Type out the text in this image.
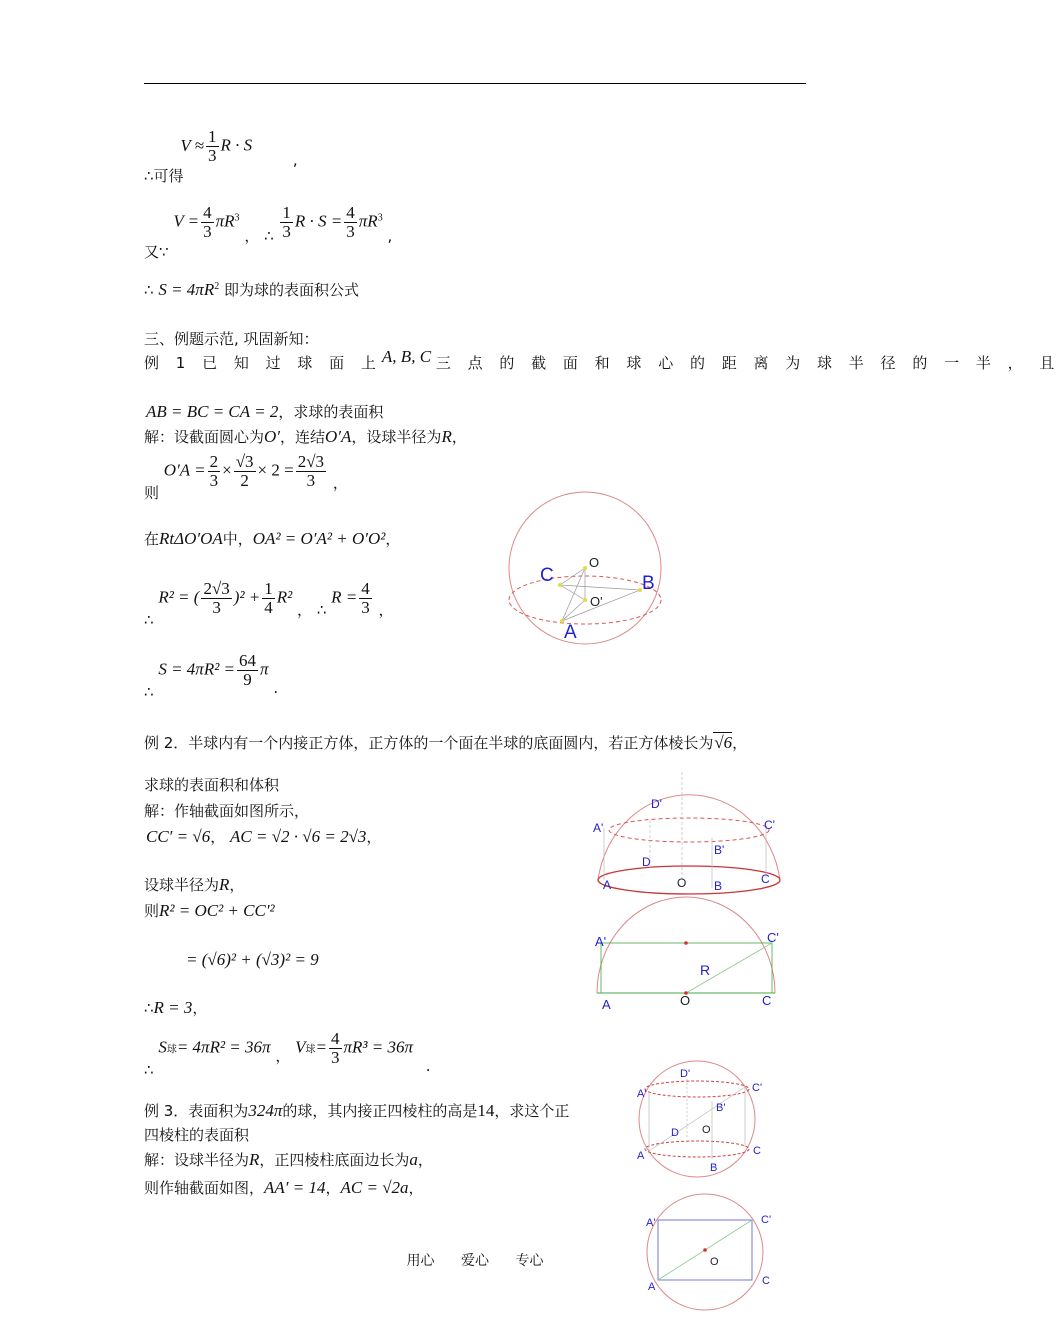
∴可得 $V \approx \frac{1}{3}$ R · S ,
又∵ $V = \frac{4}{3} \pi R^3$ ， ∴ $\frac{1}{3}$ $R \cdot S = \frac{4}{3} \pi R^3$ ,
∴ $S = 4\pi R^2$ 即为球的表面积公式
三、例题示范, 巩固新知：
例 1 已 知 过 球 面 上A, B, C 三 点 的 截 面 和 球 心 的 距 离 为 球 半 径 的 一 半 ， 且
AB = BC = CA = 2，求球的表面积
解：设截面圆心为O′，连结O′A，设球半径为R，
则 $O'A = \frac{2}{3} \times \frac{√3}{2} \times 2 = \frac{2√3}{3}$ ，
在RtΔO′OA中，OA² = O′A² + O′O²，
∴ R² = ( $\frac{2√3}{3} )^2 + \frac{1}{4} R^2$ ， ∴ $R = \frac{4}{3}$ ，
∴ $S = 4\pi R^2 = \frac{64}{9}$ π .
例 2．半球内有一个内接正方体，正方体的一个面在半球的底面圆内，若正方体棱长为√6，
求球的表面积和体积
解：作轴截面如图所示，
CC′ = √6， AC = √2 · √6 = 2√3，
设球半径为R，
则R² = OC² + CC′²
= (√6)² + (√3)² = 9
∴R = 3，
∴ S球= 4πR² = 36π ， V球= $\frac{4}{3} \pi R^3 = 36\pi$ .
例 3．表面积为324π的球，其内接正四棱柱的高是14，求这个正
四棱柱的表面积
解：设球半径为R，正四棱柱底面边长为a，
则作轴截面如图，AA′ = 14，AC = √2a，
C
O
B
O'
A
D'
A'	C'
B'
D
A	O B	C
A'	C'
R
A	O	C
D'
A'	C'
B'
D O
A
B
C
A'	C'
O
A	C
用心 爱心 专心
